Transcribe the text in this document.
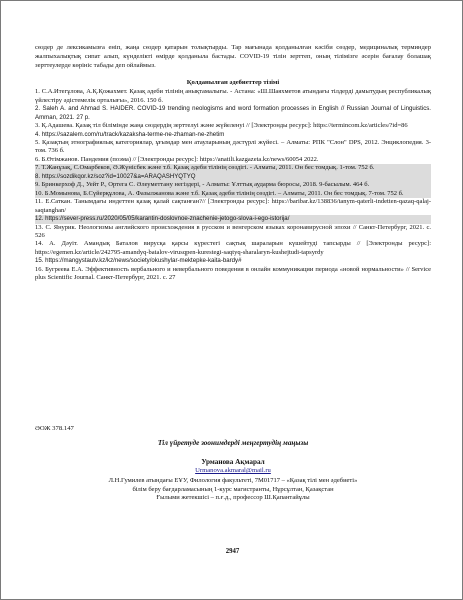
сөздер де лексикамызға еніп, жаңа сөздер қатарын толықтырды. Тар мағынада қолданылған кәсіби сөздер, медициналық терминдер жалпыхалықтық сипат алып, күнделікті өмірде қолданыла бастады. COVID-19 тілін зерттеп, оның тілімізге әсерін бағалау болашақ зерттеулерде көрініс табады деп ойлаймыз.

Қолданылған әдебиеттер тізімі

1. С.А.Итегұлова, А.Қ.Қожахмет. Қазақ әдеби тілінің анықтамалығы. - Астана: «Ш.Шаяхметов атындағы тілдерді дамытудың республикалық үйлестіру әдістемелік орталығы», 2016. 150 б.

2. Saleh A. and Ahmad S. HAIDER. COVID-19 trending neologisms and word formation processes in English // Russian Journal of Linguistics. Amman, 2021. 27 р.

3. Қ.Адашева. Қазақ тіл білімінде жаңа сөздердің зерттелуі және жүйеленуі // [Электронды ресурс]: https://termincom.kz/articles/?id=86

4. https://sazalem.com/ru/track/kazaksha-terme-ne-zhaman-ne-zhetim

5. Қазақтың этнографиялық категориялар, ұғымдар мен атауларының дәстүрлі жүйесі. – Алматы: РПК "Слон" DPS, 2012. Энциклопедия. 3-том. 736 б.

6. Б.Өтімжанов. Пандемия (поэма) // [Электронды ресурс]: https://anatili.kazgazeta.kz/news/60054 2022.

7. Т.Жанұзақ, С.Омарбеков, Ә.Жүнісбек және т.б. Қазақ әдеби тілінің сөздігі. - Алматы, 2011. Он бес томдық. 1-том. 752 б.

8. https://sozdikqor.kz/soz?id=10027&a=ARAQASHYQTYQ

9. Бринкерхоф Д., Уейт Р., Ортега С. Әлеуметтану негіздері, - Алматы: Ұлттық аударма бюросы, 2018. 9-басылым. 464 б.

10. Б.Момынова, Б.Сүйерқұлова, А. Фазылжанова және т.б. Қазақ әдеби тілінің сөздігі. – Алматы, 2011. Он бес томдық. 7-том. 752 б.

11. Е.Саткан. Танымдағы индеттен қазақ қалай сақтанған?// [Электронды ресурс]: https://baribar.kz/138836/tanym-qaterli-indetten-qazaq-qalaj-saqtanghan/

12. https://sever-press.ru/2020/05/05/karantin-doslovnoe-znachenie-jetogo-slova-i-ego-istorija/

13. С. Янурик. Неологизмы английского происхождения в русском и венгерском языках коронавирусной эпохи // Санкт-Петербург, 2021. с. 526

14. А. Дәуіт. Амандық Баталов вирусқа қарсы күрестегі сақтық шараларын күшейтуді тапсырды // [Электронды ресурс]: https://egemen.kz/article/242795-amandyq-batalov-virusqpen-kurestegi-saqtyq-sharalaryn-kushejtudi-tapsyrdy

15. https://mangystautv.kz/kz/news/society/okushylar-mektepke-kaita-bardy#

16. Бугреева Е.А. Эффективность вербального и невербального поведения в онлайн коммуникации периода «новой нормальности» // Service plus Scientific Journal. Санкт-Петербург, 2021. с. 27

ӘОЖ 378.147
Тіл үйретуде зоонимдерді меңгертудің маңызы
Урманова Ақмарал
Urmanova.akmaral@mail.ru
Л.Н.Гумилев атындағы ЕҰУ, Филология факультеті, 7М01717 – «Қазақ тілі мен әдебиеті»
білім беру бағдарламасының 1-курс магистранты, Нұрсұлтан, Қазақстан
Ғылыми жетекшісі – п.ғ.д., профессор Ш.Қапантайұлы
2947
